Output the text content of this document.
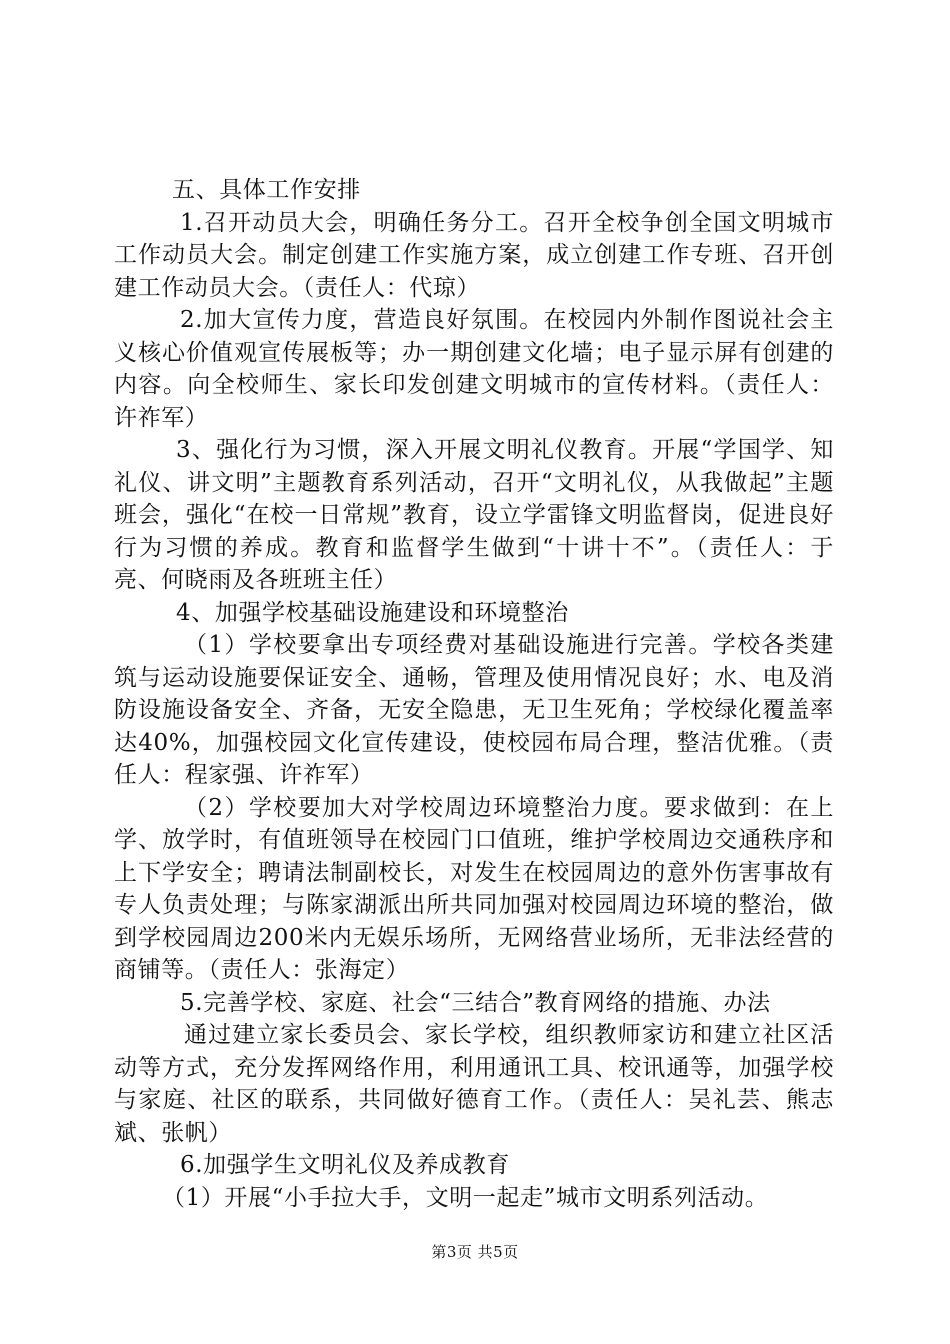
五、具体工作安排

1.召开动员大会，明确任务分工。召开全校争创全国文明城市工作动员大会。制定创建工作实施方案，成立创建工作专班、召开创建工作动员大会。（责任人：代琼）

2.加大宣传力度，营造良好氛围。在校园内外制作图说社会主义核心价值观宣传展板等；办一期创建文化墙；电子显示屏有创建的内容。向全校师生、家长印发创建文明城市的宣传材料。（责任人：许祚军）

3、强化行为习惯，深入开展文明礼仪教育。开展“学国学、知礼仪、讲文明”主题教育系列活动，召开“文明礼仪，从我做起”主题班会，强化“在校一日常规”教育，设立学雷锋文明监督岗，促进良好行为习惯的养成。教育和监督学生做到“十讲十不”。（责任人：于亮、何晓雨及各班班主任）

4、加强学校基础设施建设和环境整治

（1）学校要拿出专项经费对基础设施进行完善。学校各类建筑与运动设施要保证安全、通畅，管理及使用情况良好；水、电及消防设施设备安全、齐备，无安全隐患，无卫生死角；学校绿化覆盖率达40%，加强校园文化宣传建设，使校园布局合理，整洁优雅。（责任人：程家强、许祚军）

（2）学校要加大对学校周边环境整治力度。要求做到：在上学、放学时，有值班领导在校园门口值班，维护学校周边交通秩序和上下学安全；聘请法制副校长，对发生在校园周边的意外伤害事故有专人负责处理；与陈家湖派出所共同加强对校园周边环境的整治，做到学校园周边200米内无娱乐场所，无网络营业场所，无非法经营的商铺等。（责任人：张海定）

5.完善学校、家庭、社会“三结合”教育网络的措施、办法

通过建立家长委员会、家长学校，组织教师家访和建立社区活动等方式，充分发挥网络作用，利用通讯工具、校讯通等，加强学校与家庭、社区的联系，共同做好德育工作。（责任人：吴礼芸、熊志斌、张帆）

6.加强学生文明礼仪及养成教育

（1）开展“小手拉大手，文明一起走”城市文明系列活动。

第3页 共5页
